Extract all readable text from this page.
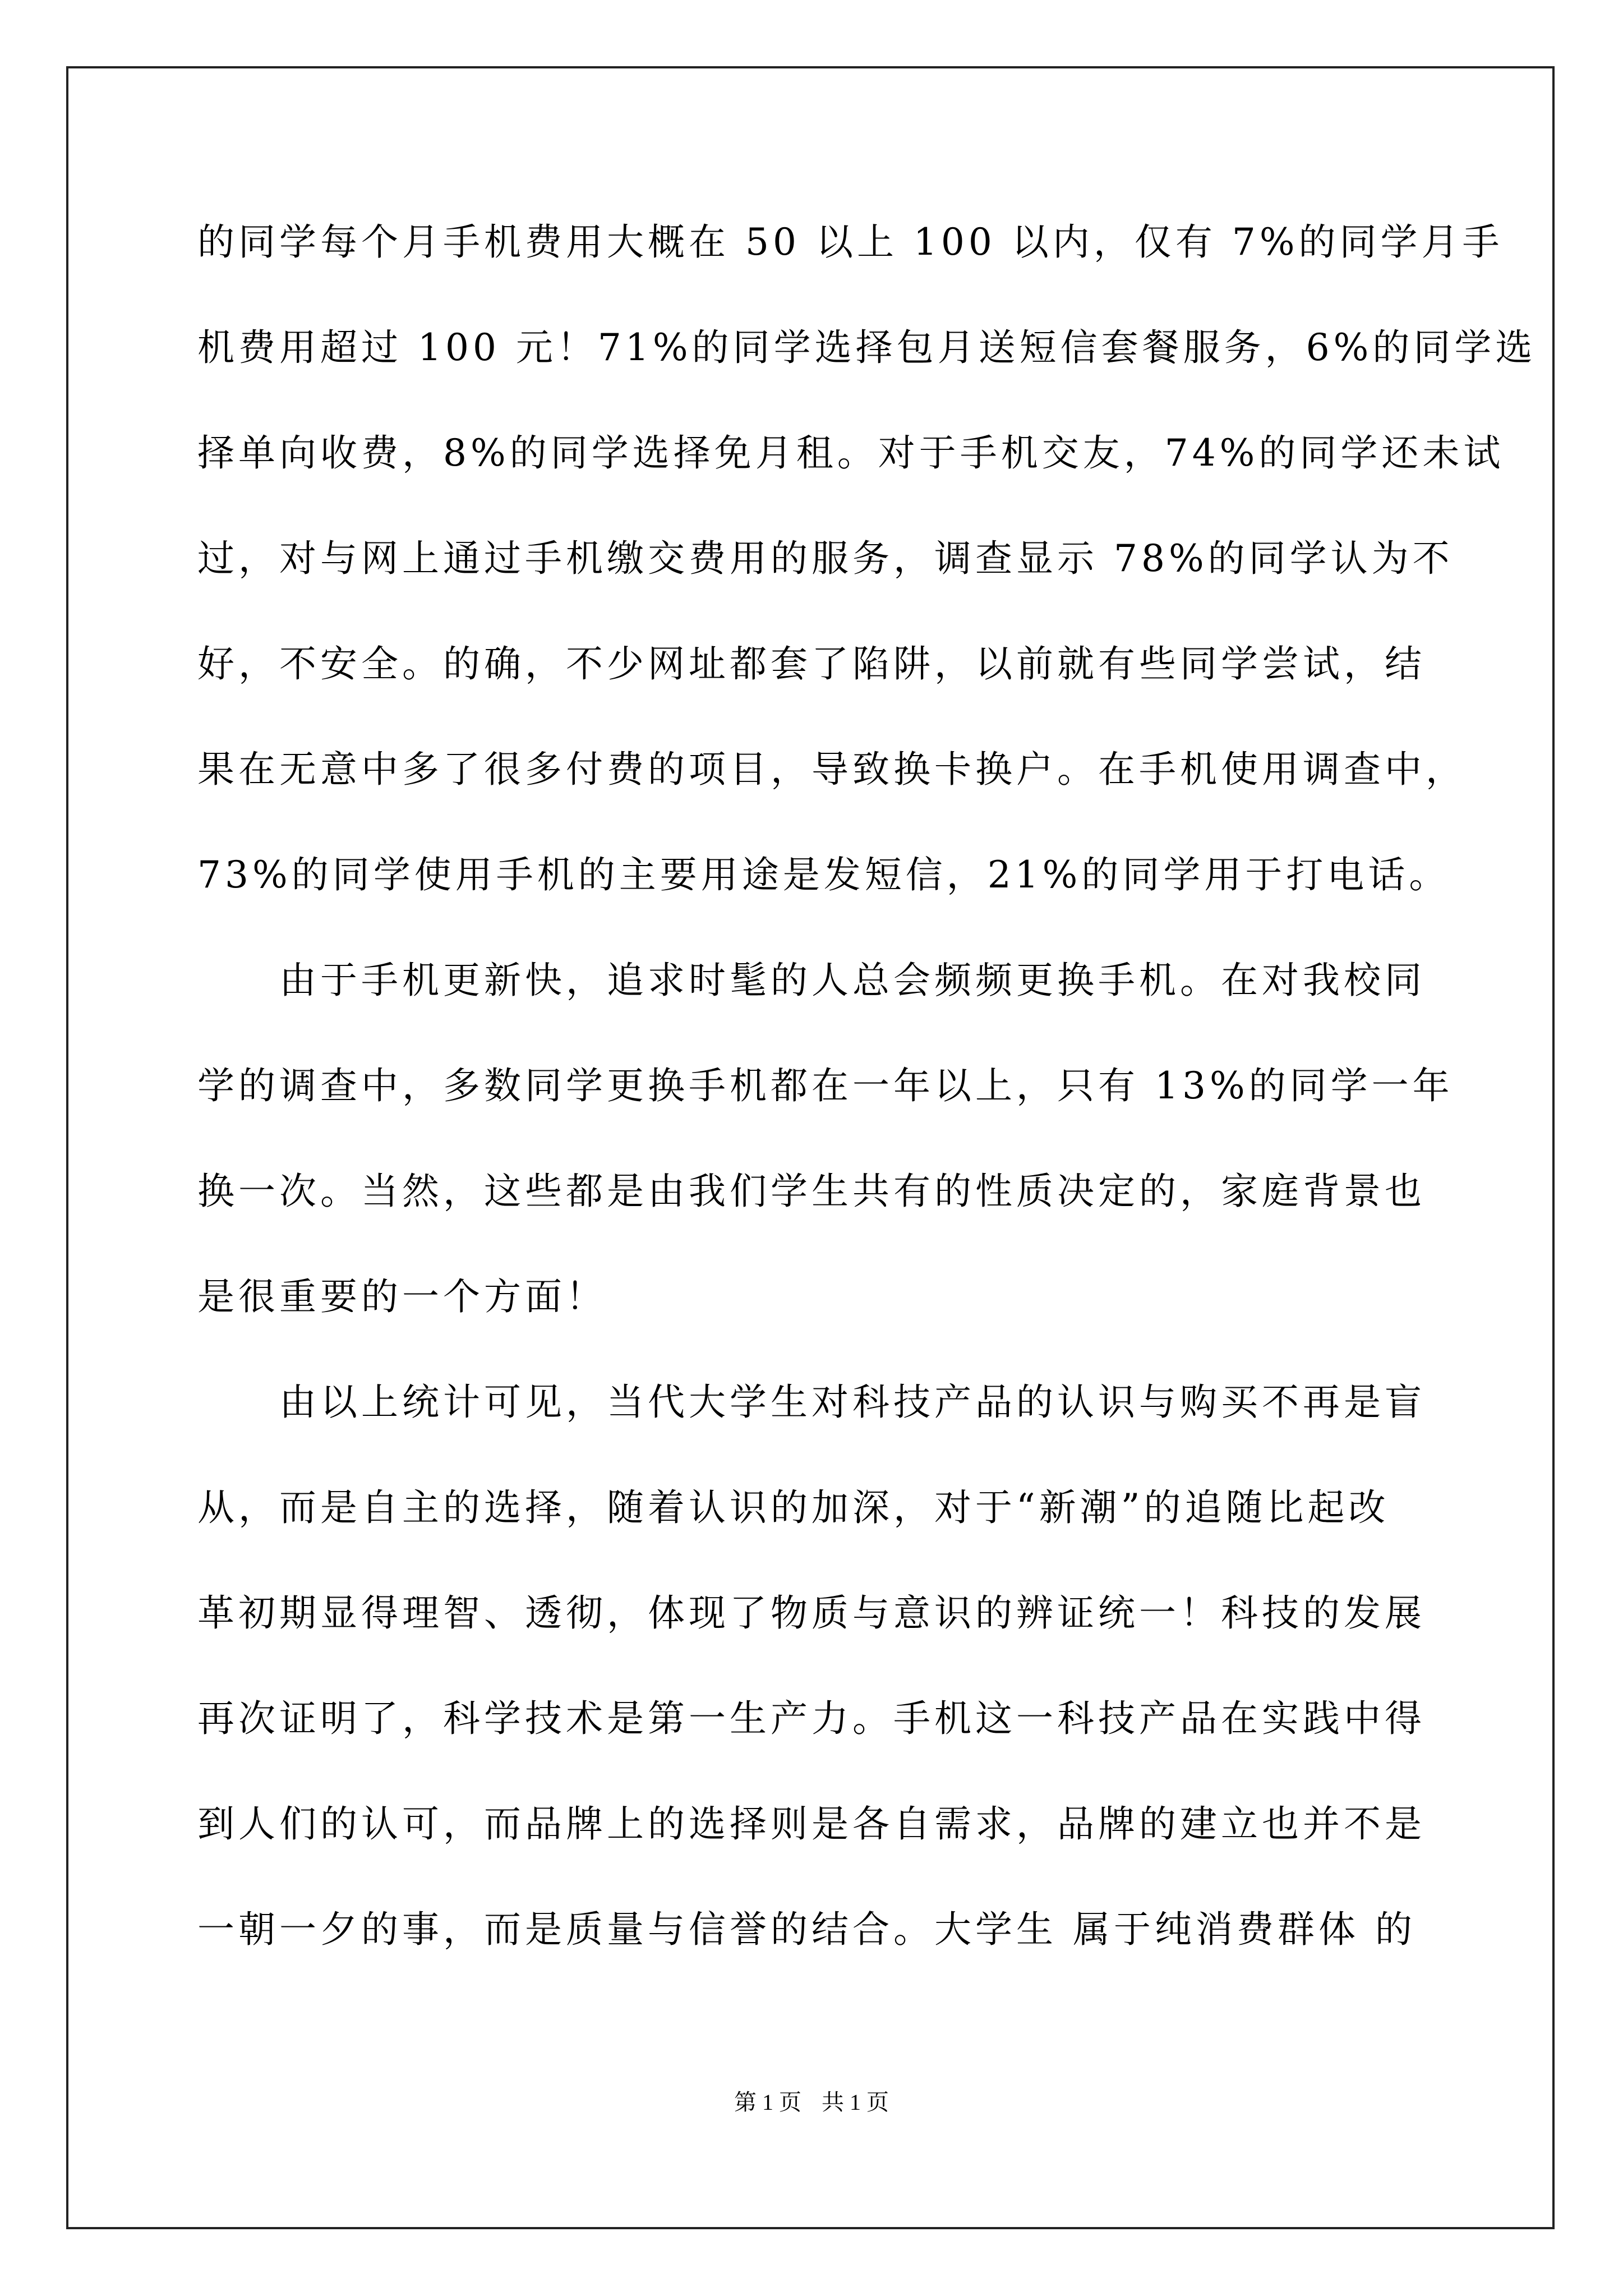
的同学每个月手机费用大概在 50 以上 100 以内，仅有 7%的同学月手
机费用超过 100 元！71%的同学选择包月送短信套餐服务，6%的同学选
择单向收费，8%的同学选择免月租。对于手机交友，74%的同学还未试
过，对与网上通过手机缴交费用的服务，调查显示 78%的同学认为不
好，不安全。的确，不少网址都套了陷阱，以前就有些同学尝试，结
果在无意中多了很多付费的项目，导致换卡换户。在手机使用调查中，
73%的同学使用手机的主要用途是发短信，21%的同学用于打电话。
由于手机更新快，追求时髦的人总会频频更换手机。在对我校同
学的调查中，多数同学更换手机都在一年以上，只有 13%的同学一年
换一次。当然，这些都是由我们学生共有的性质决定的，家庭背景也
是很重要的一个方面！
由以上统计可见，当代大学生对科技产品的认识与购买不再是盲
从，而是自主的选择，随着认识的加深，对于“新潮”的追随比起改
革初期显得理智、透彻，体现了物质与意识的辨证统一！科技的发展
再次证明了，科学技术是第一生产力。手机这一科技产品在实践中得
到人们的认可，而品牌上的选择则是各自需求，品牌的建立也并不是
一朝一夕的事，而是质量与信誉的结合。大学生 属于纯消费群体 的
第 1 页 共 1 页
